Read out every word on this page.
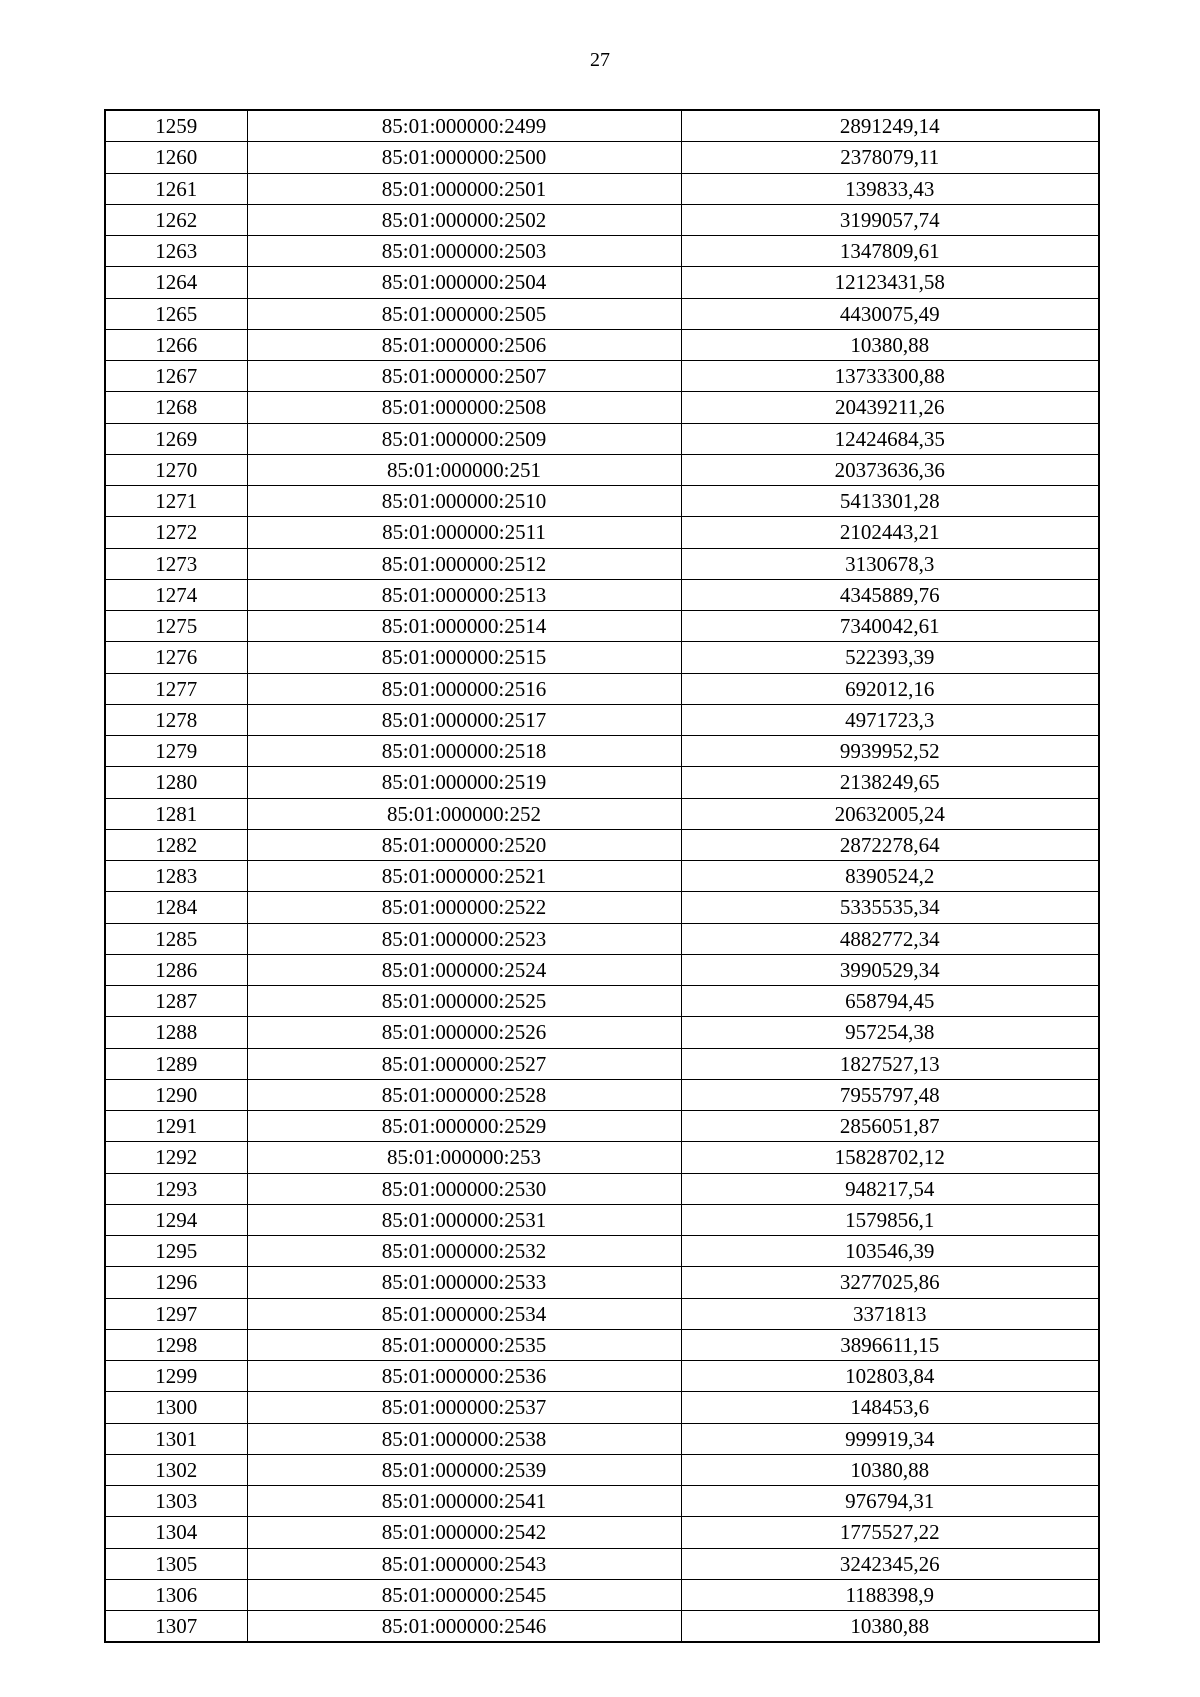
27
1259	85:01:000000:2499	2891249,14
1260	85:01:000000:2500	2378079,11
1261	85:01:000000:2501	139833,43
1262	85:01:000000:2502	3199057,74
1263	85:01:000000:2503	1347809,61
1264	85:01:000000:2504	12123431,58
1265	85:01:000000:2505	4430075,49
1266	85:01:000000:2506	10380,88
1267	85:01:000000:2507	13733300,88
1268	85:01:000000:2508	20439211,26
1269	85:01:000000:2509	12424684,35
1270	85:01:000000:251	20373636,36
1271	85:01:000000:2510	5413301,28
1272	85:01:000000:2511	2102443,21
1273	85:01:000000:2512	3130678,3
1274	85:01:000000:2513	4345889,76
1275	85:01:000000:2514	7340042,61
1276	85:01:000000:2515	522393,39
1277	85:01:000000:2516	692012,16
1278	85:01:000000:2517	4971723,3
1279	85:01:000000:2518	9939952,52
1280	85:01:000000:2519	2138249,65
1281	85:01:000000:252	20632005,24
1282	85:01:000000:2520	2872278,64
1283	85:01:000000:2521	8390524,2
1284	85:01:000000:2522	5335535,34
1285	85:01:000000:2523	4882772,34
1286	85:01:000000:2524	3990529,34
1287	85:01:000000:2525	658794,45
1288	85:01:000000:2526	957254,38
1289	85:01:000000:2527	1827527,13
1290	85:01:000000:2528	7955797,48
1291	85:01:000000:2529	2856051,87
1292	85:01:000000:253	15828702,12
1293	85:01:000000:2530	948217,54
1294	85:01:000000:2531	1579856,1
1295	85:01:000000:2532	103546,39
1296	85:01:000000:2533	3277025,86
1297	85:01:000000:2534	3371813
1298	85:01:000000:2535	3896611,15
1299	85:01:000000:2536	102803,84
1300	85:01:000000:2537	148453,6
1301	85:01:000000:2538	999919,34
1302	85:01:000000:2539	10380,88
1303	85:01:000000:2541	976794,31
1304	85:01:000000:2542	1775527,22
1305	85:01:000000:2543	3242345,26
1306	85:01:000000:2545	1188398,9
1307	85:01:000000:2546	10380,88
